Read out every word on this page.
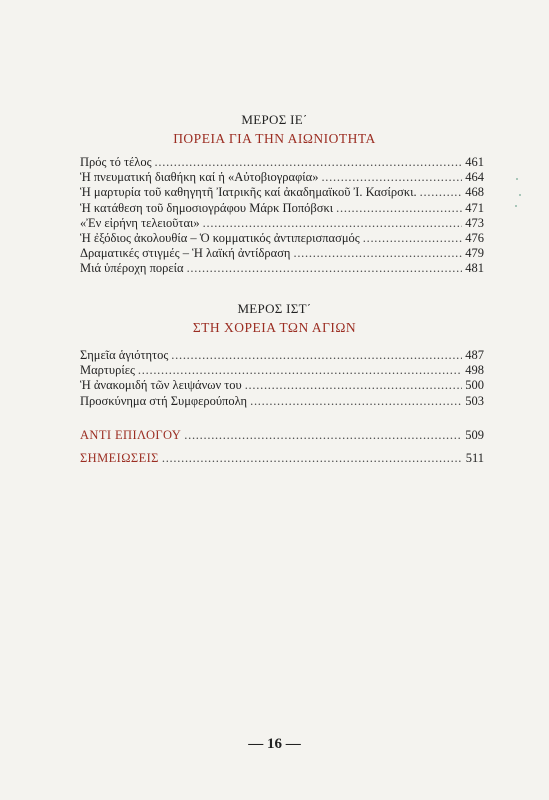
ΜΕΡΟΣ ΙΕ΄
ΠΟΡΕΙΑ ΓΙΑ ΤΗΝ ΑΙΩΝΙΟΤΗΤΑ
Πρός τό τέλος . . .	461
Ἡ πνευματική διαθήκη καί ἡ «Αὐτοβιογραφία» . . .	464
Ἡ μαρτυρία τοῦ καθηγητῆ Ἰατρικῆς καί ἀκαδημαϊκοῦ Ἰ. Κασίρσκι. . . .	468
Ἡ κατάθεση τοῦ δημοσιογράφου Μάρκ Ποπόβσκι . . .	471
«Ἐν εἰρήνη τελειοῦται» . . .	473
Ἡ ἐξόδιος ἀκολουθία – Ὁ κομματικός ἀντιπερισπασμός . . .	476
Δραματικές στιγμές – Ἡ λαϊκή ἀντίδραση . . .	479
Μιά ὑπέροχη πορεία . . .	481
ΜΕΡΟΣ ΙΣΤ΄
ΣΤΗ ΧΟΡΕΙΑ ΤΩΝ ΑΓΙΩΝ
Σημεῖα ἁγιότητος . . .	487
Μαρτυρίες . . .	498
Ἡ ἀνακομιδή τῶν λειψάνων του . . .	500
Προσκύνημα στή Συμφερούπολη . . .	503
ΑΝΤΙ ΕΠΙΛΟΓΟΥ . . .	509
ΣΗΜΕΙΩΣΕΙΣ . . .	511
— 16 —
